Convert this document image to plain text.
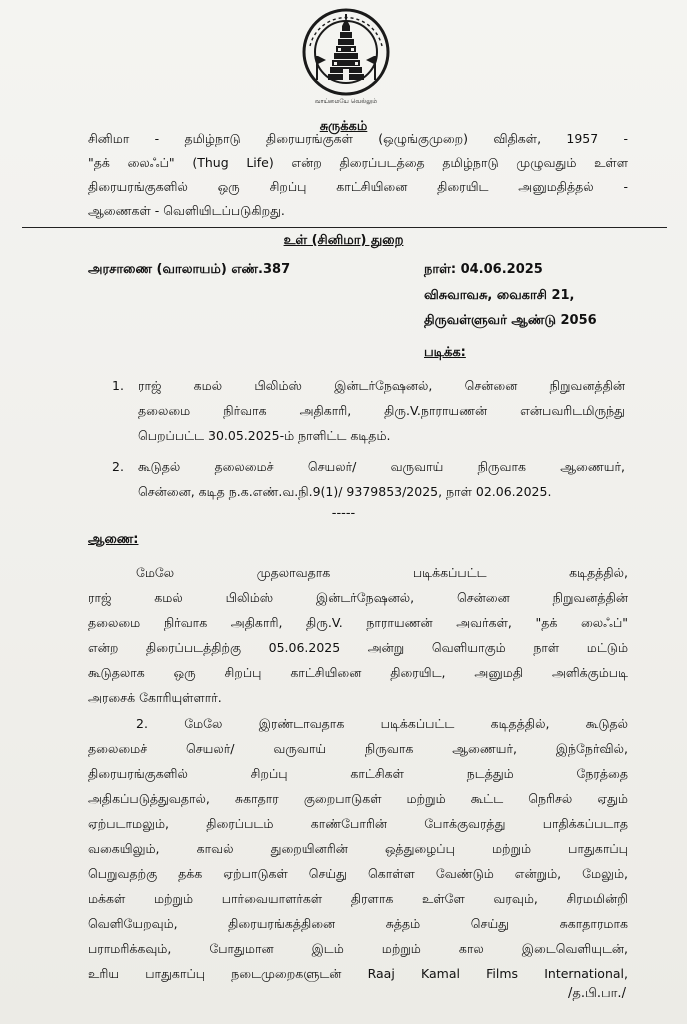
வாய்மையே வெல்லும்
சுருக்கம்
சினிமா - தமிழ்நாடு திரையரங்குகள் (ஒழுங்குமுறை) விதிகள், 1957 -
"தக் லைஃப்" (Thug Life) என்ற திரைப்படத்தை தமிழ்நாடு முழுவதும் உள்ள
திரையரங்குகளில் ஒரு சிறப்பு காட்சியினை திரையிட அனுமதித்தல் -
ஆணைகள் - வெளியிடப்படுகிறது.
உள் (சினிமா) துறை
அரசாணை (வாலாயம்) எண்.387	நாள்: 04.06.2025
விசுவாவசு, வைகாசி 21,
திருவள்ளுவர் ஆண்டு 2056
படிக்க:
1. ராஜ் கமல் பிலிம்ஸ் இன்டர்நேஷனல், சென்னை நிறுவனத்தின்
தலைமை நிர்வாக அதிகாரி, திரு.V.நாராயணன் என்பவரிடமிருந்து
பெறப்பட்ட 30.05.2025-ம் நாளிட்ட கடிதம்.
2. கூடுதல் தலைமைச் செயலர்/ வருவாய் நிருவாக ஆணையர்,
சென்னை, கடித ந.க.எண்.வ.நி.9(1)/ 9379853/2025, நாள் 02.06.2025.
-----
ஆணை:
மேலே முதலாவதாக படிக்கப்பட்ட கடிதத்தில்,
ராஜ் கமல் பிலிம்ஸ் இன்டர்நேஷனல், சென்னை நிறுவனத்தின்
தலைமை நிர்வாக அதிகாரி, திரு.V. நாராயணன் அவர்கள், "தக் லைஃப்"
என்ற திரைப்படத்திற்கு 05.06.2025 அன்று வெளியாகும் நாள் மட்டும்
கூடுதலாக ஒரு சிறப்பு காட்சியினை திரையிட, அனுமதி அளிக்கும்படி
அரசைக் கோரியுள்ளார்.
2. மேலே இரண்டாவதாக படிக்கப்பட்ட கடிதத்தில், கூடுதல்
தலைமைச் செயலர்/ வருவாய் நிருவாக ஆணையர், இந்நேர்வில்,
திரையரங்குகளில் சிறப்பு காட்சிகள் நடத்தும் நேரத்தை
அதிகப்படுத்துவதால், சுகாதார குறைபாடுகள் மற்றும் கூட்ட நெரிசல் ஏதும்
ஏற்படாமலும், திரைப்படம் காண்போரின் போக்குவரத்து பாதிக்கப்படாத
வகையிலும், காவல் துறையினரின் ஒத்துழைப்பு மற்றும் பாதுகாப்பு
பெறுவதற்கு தக்க ஏற்பாடுகள் செய்து கொள்ள வேண்டும் என்றும், மேலும்,
மக்கள் மற்றும் பார்வையாளர்கள் திரளாக உள்ளே வரவும், சிரமமின்றி
வெளியேறவும், திரையரங்கத்தினை சுத்தம் செய்து சுகாதாரமாக
பராமரிக்கவும், போதுமான இடம் மற்றும் கால இடைவெளியுடன்,
உரிய பாதுகாப்பு நடைமுறைகளுடன் Raaj Kamal Films International,
/த.பி.பா./
